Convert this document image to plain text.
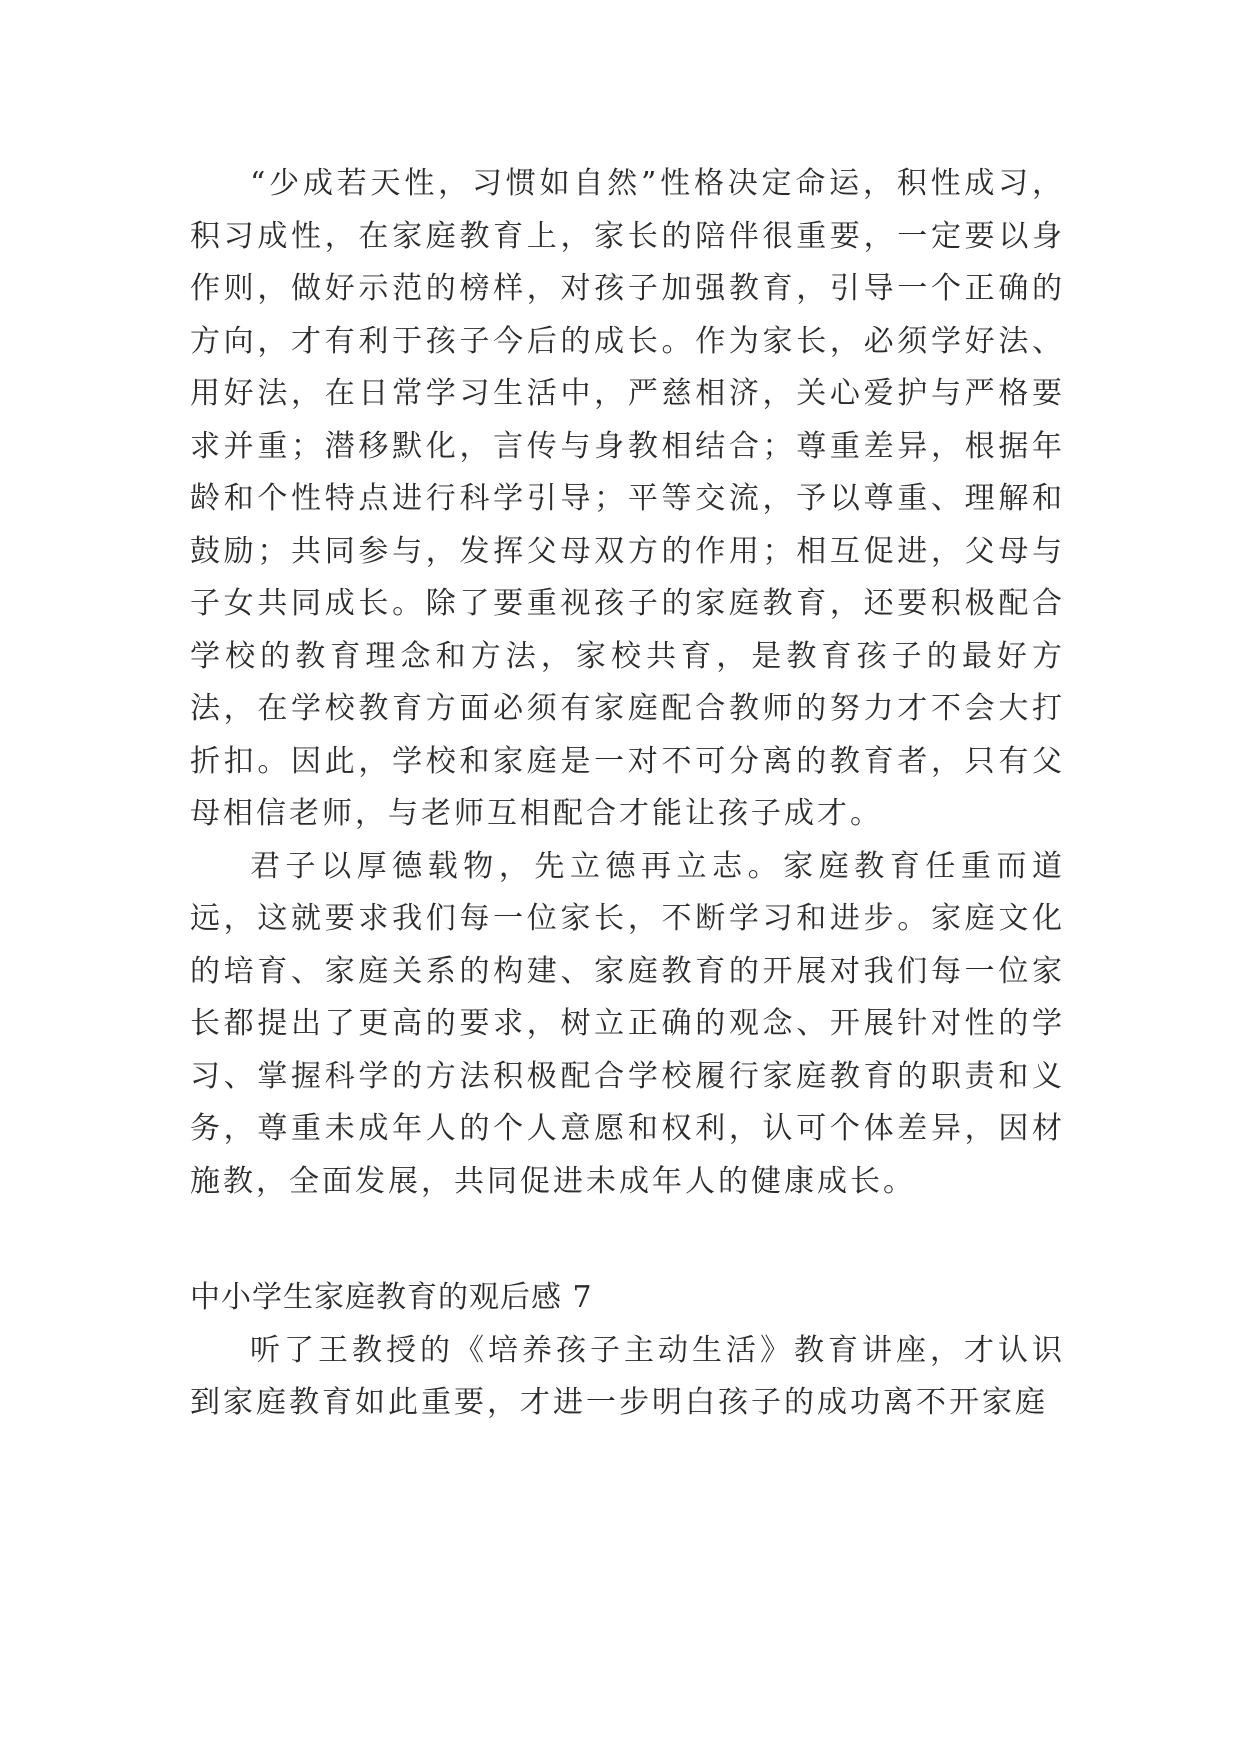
“少成若天性，习惯如自然”性格决定命运，积性成习，积习成性，在家庭教育上，家长的陪伴很重要，一定要以身作则，做好示范的榜样，对孩子加强教育，引导一个正确的方向，才有利于孩子今后的成长。作为家长，必须学好法、用好法，在日常学习生活中，严慈相济，关心爱护与严格要求并重；潜移默化，言传与身教相结合；尊重差异，根据年龄和个性特点进行科学引导；平等交流，予以尊重、理解和鼓励；共同参与，发挥父母双方的作用；相互促进，父母与子女共同成长。除了要重视孩子的家庭教育，还要积极配合学校的教育理念和方法，家校共育，是教育孩子的最好方法，在学校教育方面必须有家庭配合教师的努力才不会大打折扣。因此，学校和家庭是一对不可分离的教育者，只有父母相信老师，与老师互相配合才能让孩子成才。

君子以厚德载物，先立德再立志。家庭教育任重而道远，这就要求我们每一位家长，不断学习和进步。家庭文化的培育、家庭关系的构建、家庭教育的开展对我们每一位家长都提出了更高的要求，树立正确的观念、开展针对性的学习、掌握科学的方法积极配合学校履行家庭教育的职责和义务，尊重未成年人的个人意愿和权利，认可个体差异，因材施教，全面发展，共同促进未成年人的健康成长。

中小学生家庭教育的观后感 7

听了王教授的《培养孩子主动生活》教育讲座，才认识到家庭教育如此重要，才进一步明白孩子的成功离不开家庭
